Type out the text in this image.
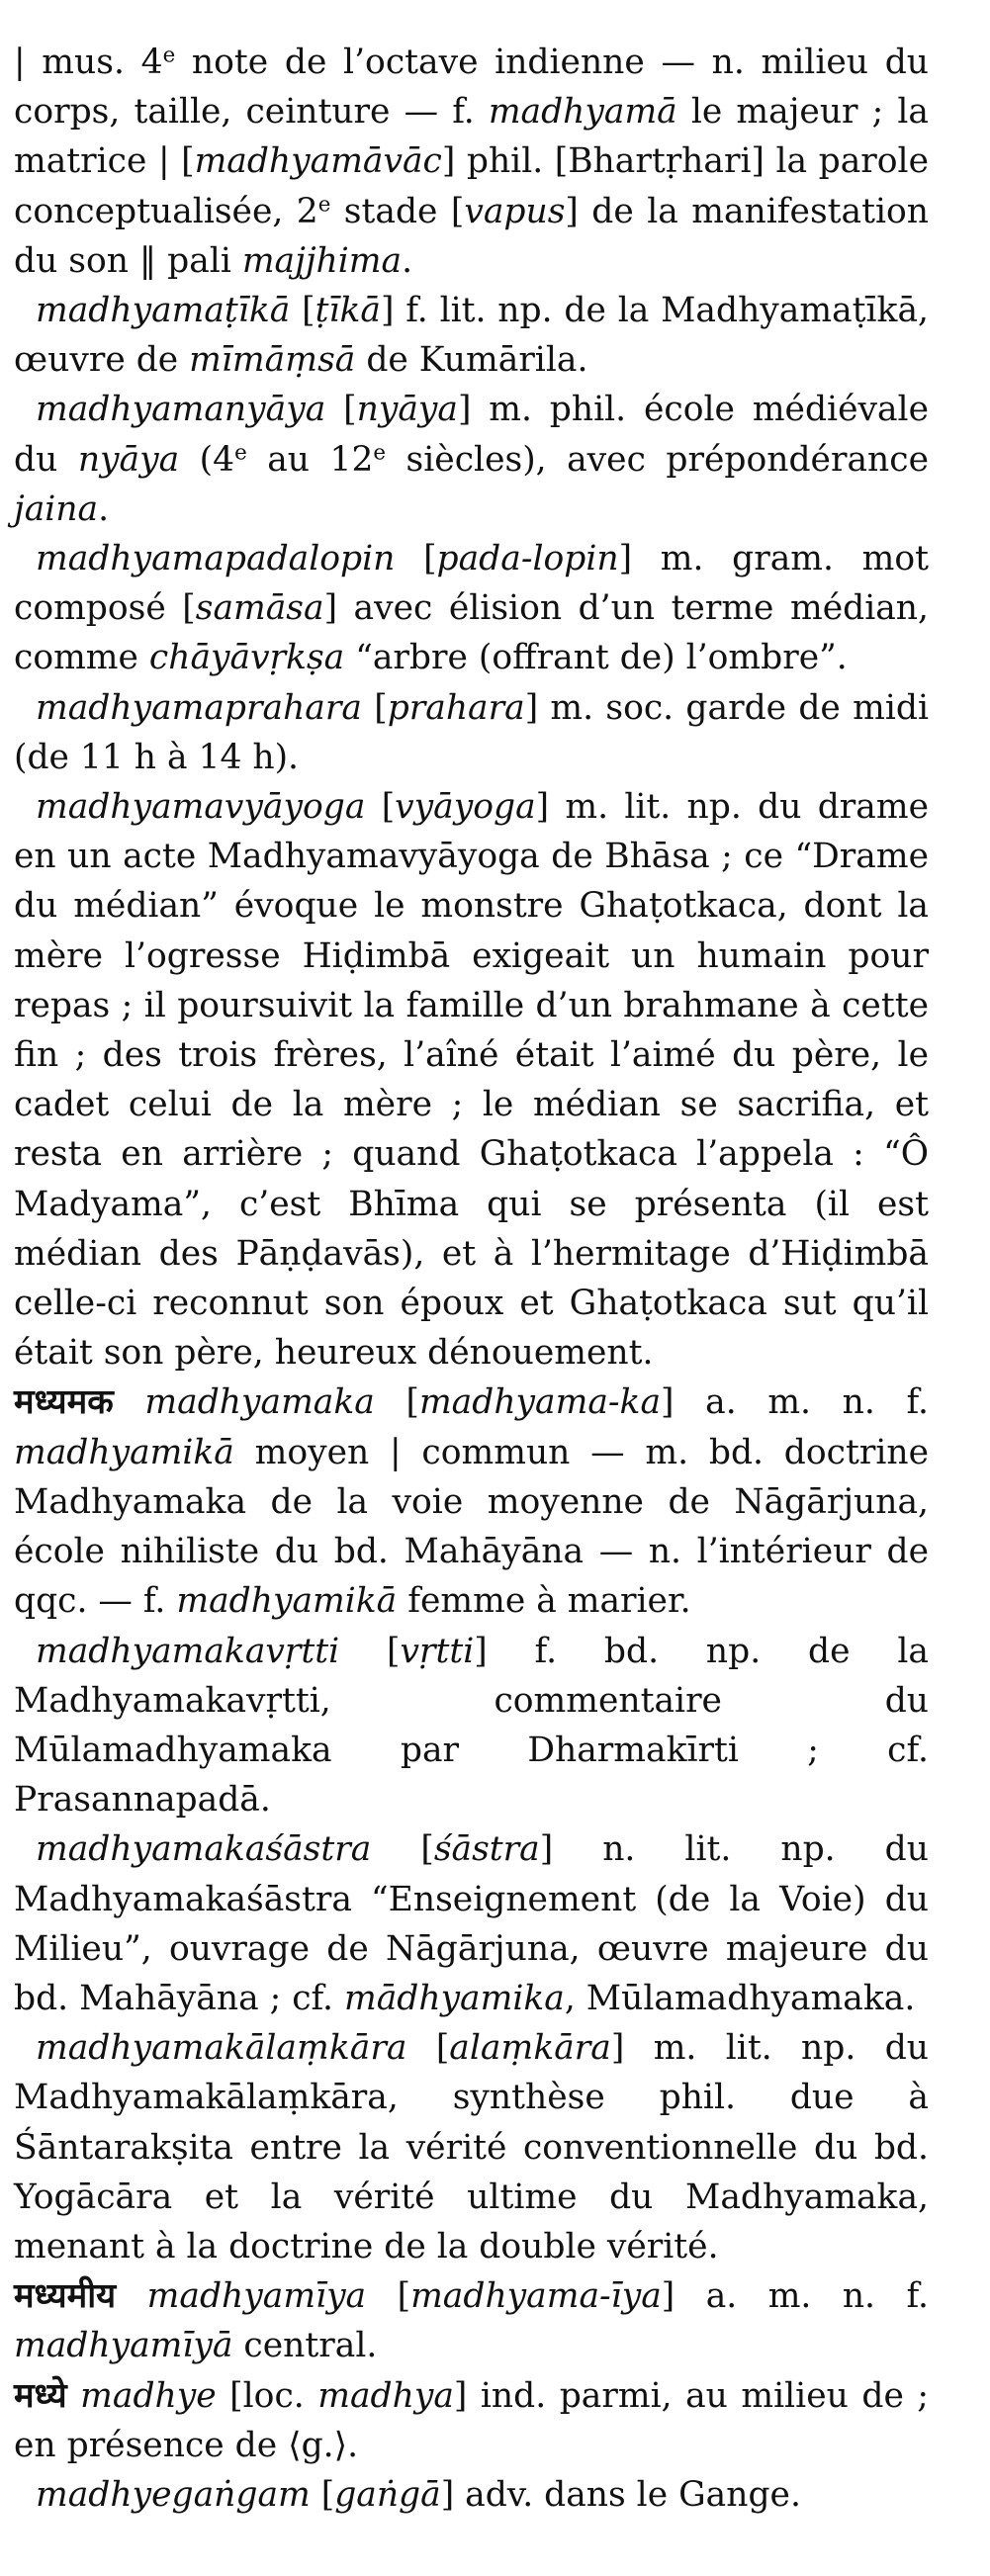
| mus. 4e note de l’octave indienne — n. milieu du corps, taille, ceinture — f. madhyamā le majeur ; la matrice | [madhyamāvāc] phil. [Bhartṛhari] la parole conceptualisée, 2e stade [vapus] de la manifestation du son ‖ pali majjhima.

madhyamaṭīkā [ṭīkā] f. lit. np. de la Madhyamaṭīkā, œuvre de mīmāṃsā de Kumārila.

madhyamanyāya [nyāya] m. phil. école médiévale du nyāya (4e au 12e siècles), avec prépondérance jaina.

madhyamapadalopin [pada-lopin] m. gram. mot composé [samāsa] avec élision d’un terme médian, comme chāyāvṛkṣa “arbre (offrant de) l’ombre”.

madhyamaprahara [prahara] m. soc. garde de midi (de 11 h à 14 h).

madhyamavyāyoga [vyāyoga] m. lit. np. du drame en un acte Madhyamavyāyoga de Bhāsa ; ce “Drame du médian” évoque le monstre Ghaṭotkaca, dont la mère l’ogresse Hiḍimbā exigeait un humain pour repas ; il poursuivit la famille d’un brahmane à cette fin ; des trois frères, l’aîné était l’aimé du père, le cadet celui de la mère ; le médian se sacrifia, et resta en arrière ; quand Ghaṭotkaca l’appela : “Ô Madyama”, c’est Bhīma qui se présenta (il est médian des Pāṇḍavās), et à l’hermitage d’Hiḍimbā celle-ci reconnut son époux et Ghaṭotkaca sut qu’il était son père, heureux dénouement.

मध्यमक madhyamaka [madhyama-ka] a. m. n. f. madhyamikā moyen | commun — m. bd. doctrine Madhyamaka de la voie moyenne de Nāgārjuna, école nihiliste du bd. Mahāyāna — n. l’intérieur de qqc. — f. madhyamikā femme à marier.

madhyamakavṛtti [vṛtti] f. bd. np. de la Madhyamakavṛtti, commentaire du Mūlamadhyamaka par Dharmakīrti ; cf. Prasannapadā.

madhyamakaśāstra [śāstra] n. lit. np. du Madhyamakaśāstra “Enseignement (de la Voie) du Milieu”, ouvrage de Nāgārjuna, œuvre majeure du bd. Mahāyāna ; cf. mādhyamika, Mūlamadhyamaka.

madhyamakālaṃkāra [alaṃkāra] m. lit. np. du Madhyamakālaṃkāra, synthèse phil. due à Śāntarakṣita entre la vérité conventionnelle du bd. Yogācāra et la vérité ultime du Madhyamaka, menant à la doctrine de la double vérité.

मध्यमीय madhyamīya [madhyama-īya] a. m. n. f. madhyamīyā central.

मध्ये madhye [loc. madhya] ind. parmi, au milieu de ; en présence de ⟨g.⟩.

madhyegaṅgam [gaṅgā] adv. dans le Gange.
